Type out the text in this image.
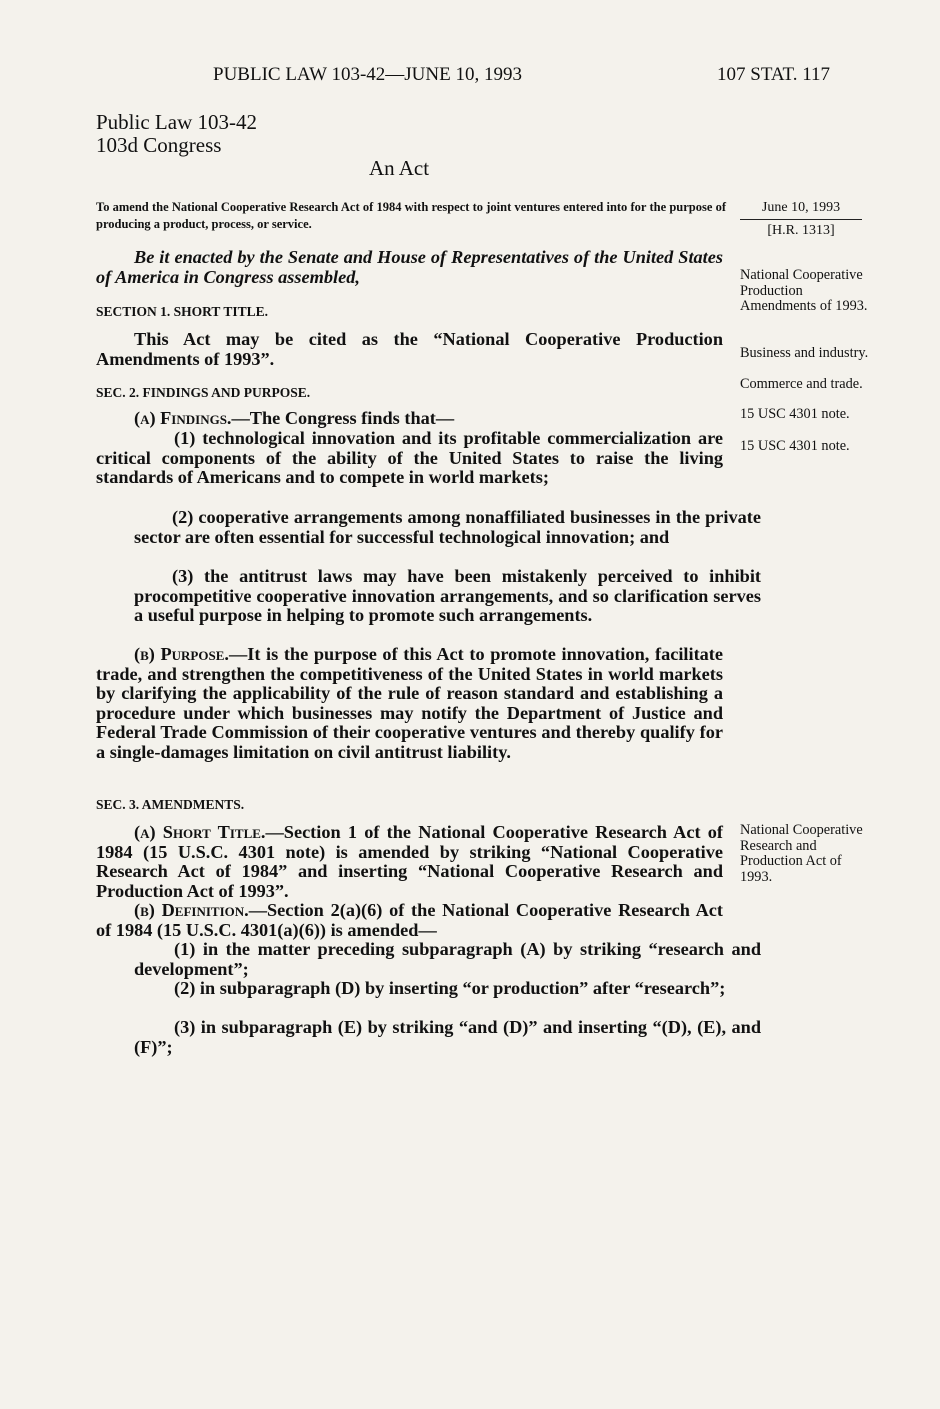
PUBLIC LAW 103-42—JUNE 10, 1993	107 STAT. 117
Public Law 103-42
103d Congress
An Act
To amend the National Cooperative Research Act of 1984 with respect to joint ventures entered into for the purpose of producing a product, process, or service.
June 10, 1993
[H.R. 1313]
Be it enacted by the Senate and House of Representatives of the United States of America in Congress assembled,
SECTION 1. SHORT TITLE.
This Act may be cited as the “National Cooperative Production Amendments of 1993”.
SEC. 2. FINDINGS AND PURPOSE.
(a) Findings.—The Congress finds that—
(1) technological innovation and its profitable commercialization are critical components of the ability of the United States to raise the living standards of Americans and to compete in world markets;
(2) cooperative arrangements among nonaffiliated businesses in the private sector are often essential for successful technological innovation; and
(3) the antitrust laws may have been mistakenly perceived to inhibit procompetitive cooperative innovation arrangements, and so clarification serves a useful purpose in helping to promote such arrangements.
(b) Purpose.—It is the purpose of this Act to promote innovation, facilitate trade, and strengthen the competitiveness of the United States in world markets by clarifying the applicability of the rule of reason standard and establishing a procedure under which businesses may notify the Department of Justice and Federal Trade Commission of their cooperative ventures and thereby qualify for a single-damages limitation on civil antitrust liability.
SEC. 3. AMENDMENTS.
(a) Short Title.—Section 1 of the National Cooperative Research Act of 1984 (15 U.S.C. 4301 note) is amended by striking “National Cooperative Research Act of 1984” and inserting “National Cooperative Research and Production Act of 1993”.
(b) Definition.—Section 2(a)(6) of the National Cooperative Research Act of 1984 (15 U.S.C. 4301(a)(6)) is amended—
(1) in the matter preceding subparagraph (A) by striking “research and development”;
(2) in subparagraph (D) by inserting “or production” after “research”;
(3) in subparagraph (E) by striking “and (D)” and inserting “(D), (E), and (F)”;
National Cooperative Production Amendments of 1993.
Business and industry.
Commerce and trade.
15 USC 4301 note.
15 USC 4301 note.
National Cooperative Research and Production Act of 1993.
